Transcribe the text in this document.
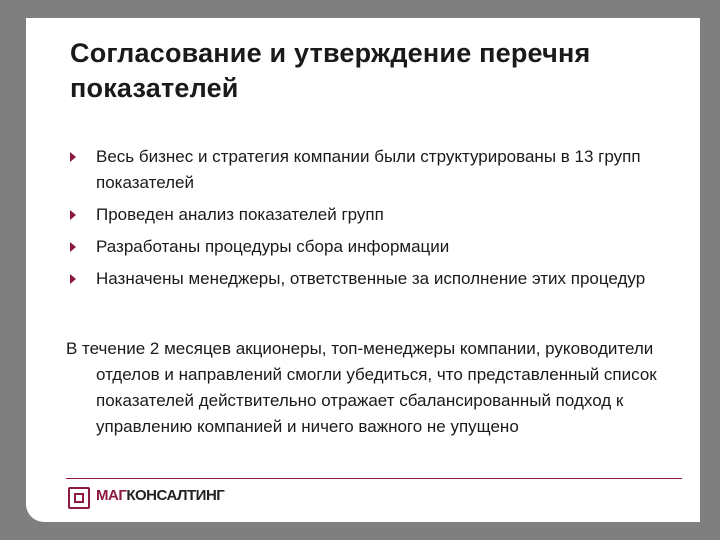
Согласование и утверждение перечня показателей
Весь бизнес и стратегия компании были структурированы в 13 групп показателей
Проведен анализ показателей групп
Разработаны процедуры сбора информации
Назначены менеджеры, ответственные за исполнение этих процедур

В течение 2 месяцев акционеры, топ-менеджеры компании, руководители отделов и направлений смогли убедиться, что представленный список показателей действительно отражает сбалансированный подход к управлению компанией и ничего важного не упущено

МАГКОНСАЛТИНГ
